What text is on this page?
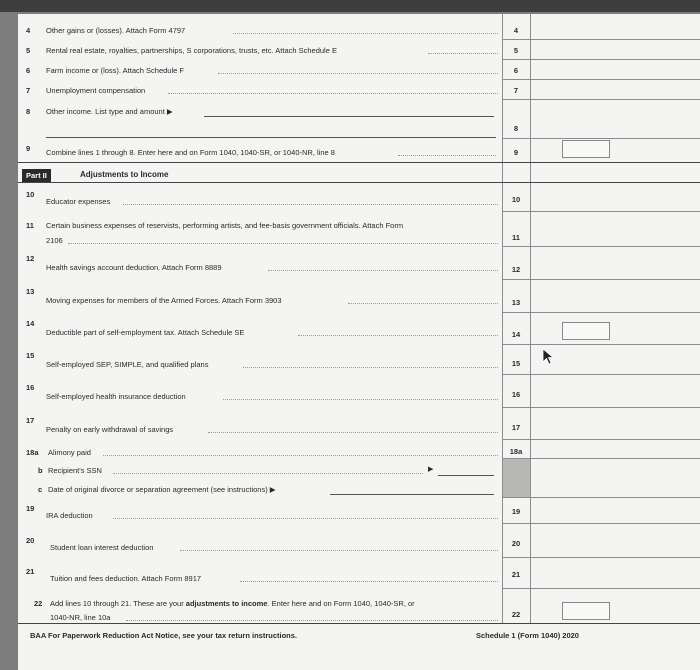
4 Other gains or (losses). Attach Form 4797	4
5 Rental real estate, royalties, partnerships, S corporations, trusts, etc. Attach Schedule E	5
6 Farm income or (loss). Attach Schedule F	6
7 Unemployment compensation	7
8 Other income. List type and amount ▶
8
9 Combine lines 1 through 8. Enter here and on Form 1040, 1040-SR, or 1040-NR, line 8	9
Part II	Adjustments to Income
10
Educator expenses	10
11 Certain business expenses of reservists, performing artists, and fee-basis government officials. Attach Form
2106	11
12
Health savings account deduction. Attach Form 8889	12
13
Moving expenses for members of the Armed Forces. Attach Form 3903	13
14
Deductible part of self-employment tax. Attach Schedule SE	14
15
Self-employed SEP, SIMPLE, and qualified plans	15
16
Self-employed health insurance deduction	16
17
Penalty on early withdrawal of savings	17
18a Alimony paid	18a
b Recipient's SSN	▶
c Date of original divorce or separation agreement (see instructions) ▶
19
IRA deduction	19
20
Student loan interest deduction	20
21
Tuition and fees deduction. Attach Form 8917	21
22 Add lines 10 through 21. These are your adjustments to income. Enter here and on Form 1040, 1040-SR, or
1040-NR, line 10a	22
BAA For Paperwork Reduction Act Notice, see your tax return instructions.	Schedule 1 (Form 1040) 2020
